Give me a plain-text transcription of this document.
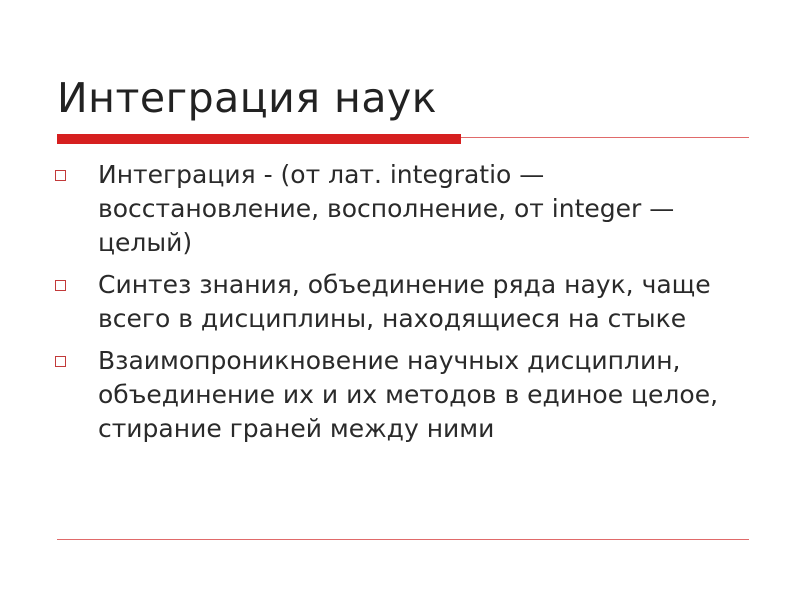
Интеграция наук
Интеграция - (от лат. integratio — восстановление, восполнение, от integer — целый)
Синтез знания, объединение ряда наук, чаще всего в дисциплины, находящиеся на стыке
Взаимопроникновение научных дисциплин, объединение их и их методов в единое целое, стирание граней между ними
